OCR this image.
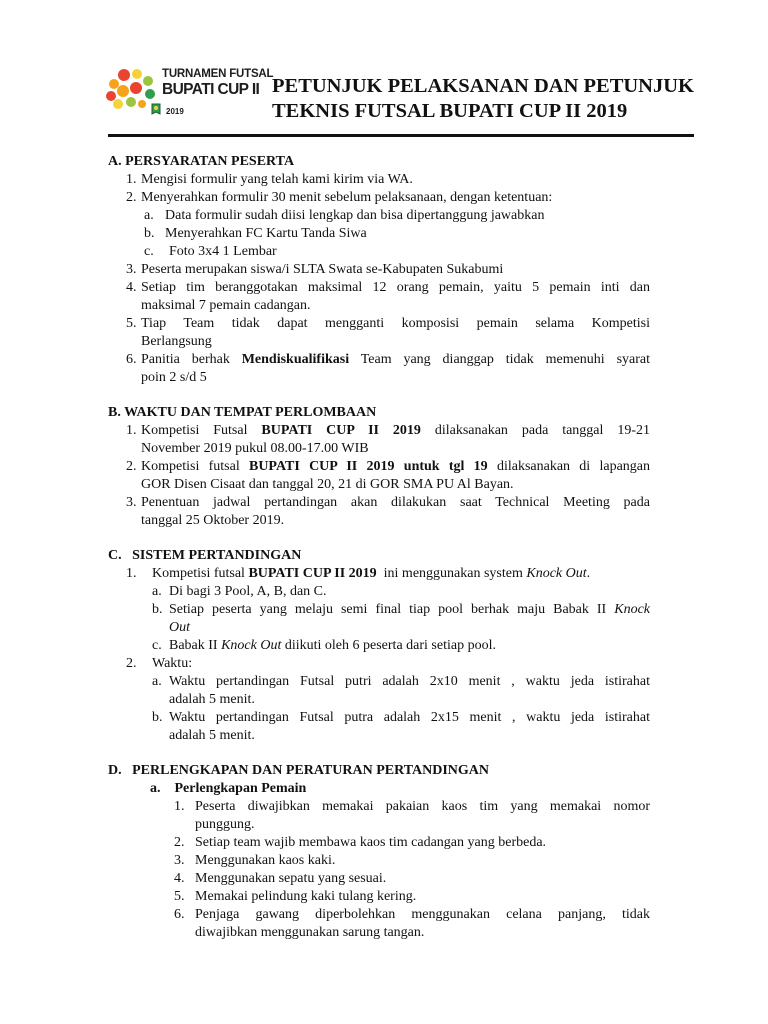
TURNAMEN FUTSAL
BUPATI CUP II
2019
PETUNJUK PELAKSANAN DAN PETUNJUK
TEKNIS FUTSAL BUPATI CUP II 2019
A. PERSYARATAN PESERTA
1. Mengisi formulir yang telah kami kirim via WA.
2. Menyerahkan formulir 30 menit sebelum pelaksanaan, dengan ketentuan:
a. Data formulir sudah diisi lengkap dan bisa dipertanggung jawabkan
b. Menyerahkan FC Kartu Tanda Siwa
c. Foto 3x4 1 Lembar
3. Peserta merupakan siswa/i SLTA Swata se-Kabupaten Sukabumi
4. Setiap tim beranggotakan maksimal 12 orang pemain, yaitu 5 pemain inti dan
maksimal 7 pemain cadangan.
5. Tiap Team tidak dapat mengganti komposisi pemain selama Kompetisi
Berlangsung
6. Panitia berhak Mendiskualifikasi Team yang dianggap tidak memenuhi syarat
poin 2 s/d 5
B. WAKTU DAN TEMPAT PERLOMBAAN
1. Kompetisi Futsal BUPATI CUP II 2019 dilaksanakan pada tanggal 19-21
November 2019 pukul 08.00-17.00 WIB
2. Kompetisi futsal BUPATI CUP II 2019 untuk tgl 19 dilaksanakan di lapangan
GOR Disen Cisaat dan tanggal 20, 21 di GOR SMA PU Al Bayan.
3. Penentuan jadwal pertandingan akan dilakukan saat Technical Meeting pada
tanggal 25 Oktober 2019.
C.   SISTEM PERTANDINGAN
1. Kompetisi futsal BUPATI CUP II 2019  ini menggunakan system Knock Out.
a. Di bagi 3 Pool, A, B, dan C.
b. Setiap peserta yang melaju semi final tiap pool berhak maju Babak II Knock
Out
c. Babak II Knock Out diikuti oleh 6 peserta dari setiap pool.
2. Waktu:
a. Waktu pertandingan Futsal putri adalah 2x10 menit , waktu jeda istirahat
adalah 5 menit.
b. Waktu pertandingan Futsal putra adalah 2x15 menit , waktu jeda istirahat
adalah 5 menit.
D.   PERLENGKAPAN DAN PERATURAN PERTANDINGAN
a.    Perlengkapan Pemain
1. Peserta diwajibkan memakai pakaian kaos tim yang memakai nomor
punggung.
2. Setiap team wajib membawa kaos tim cadangan yang berbeda.
3. Menggunakan kaos kaki.
4. Menggunakan sepatu yang sesuai.
5. Memakai pelindung kaki tulang kering.
6. Penjaga gawang diperbolehkan menggunakan celana panjang, tidak
diwajibkan menggunakan sarung tangan.
